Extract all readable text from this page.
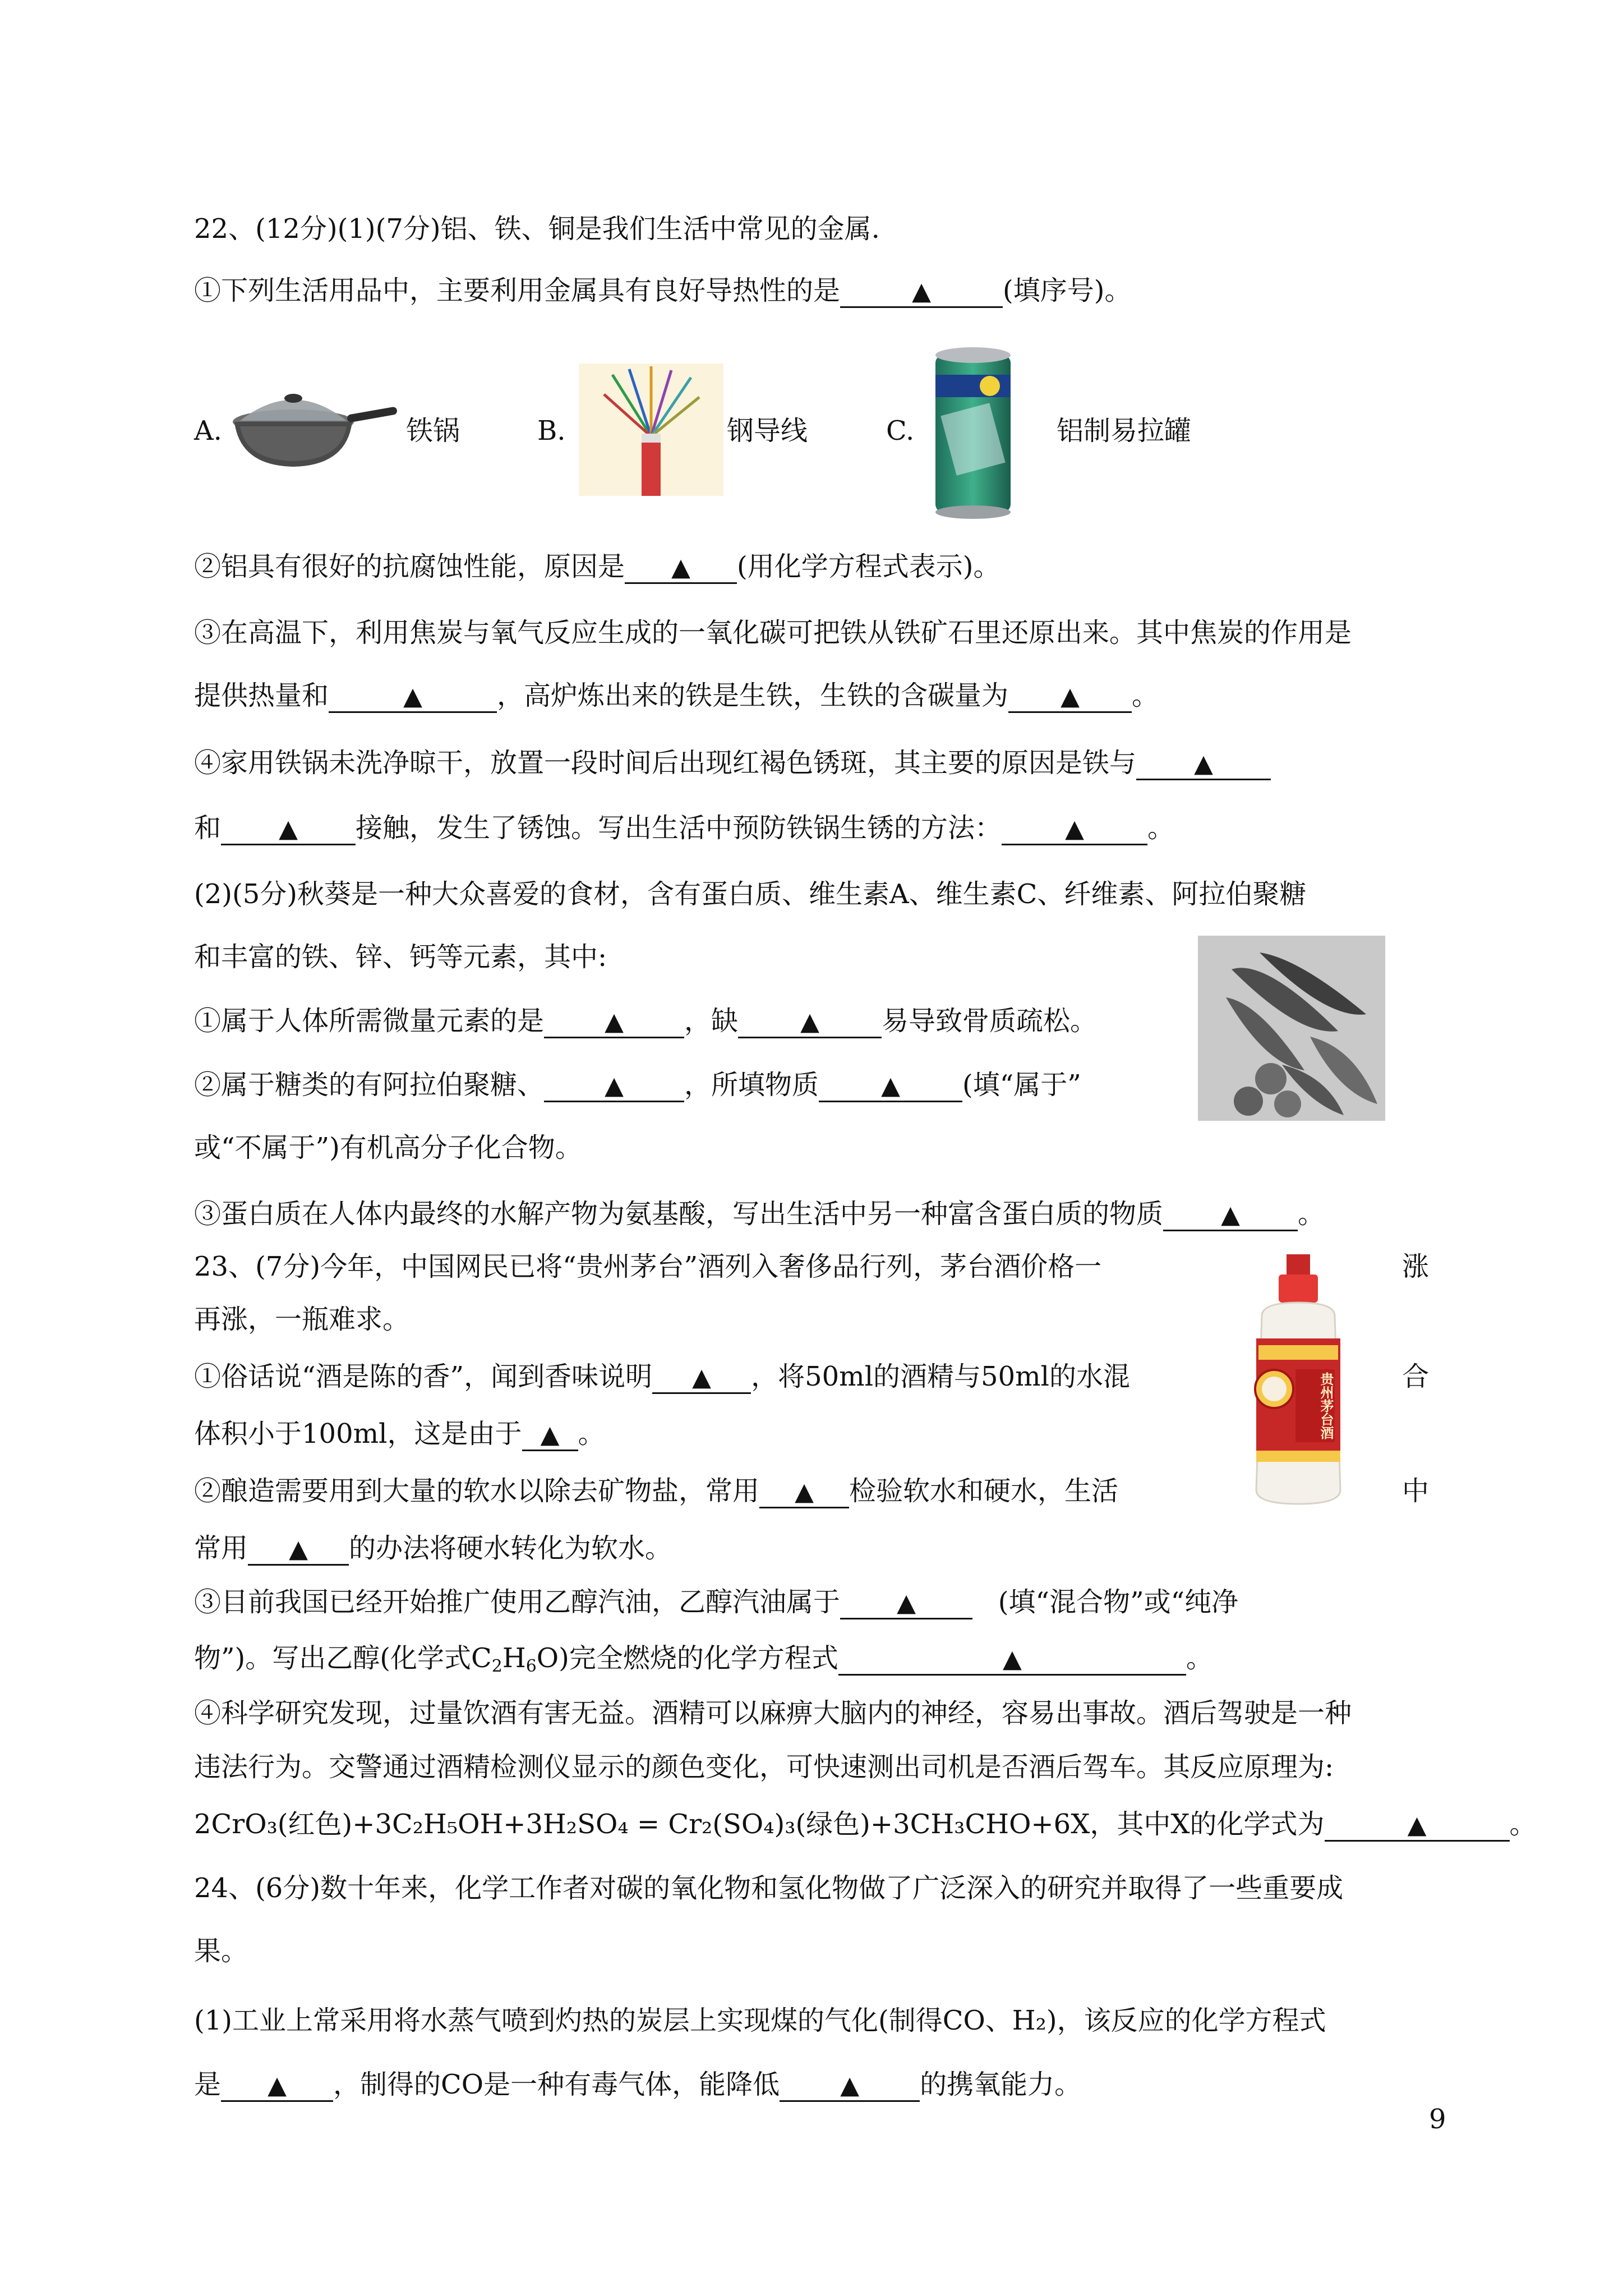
22、(12分)(1)(7分)铝、铁、铜是我们生活中常见的金属.
①下列生活用品中，主要利用金属具有良好导热性的是	▲	(填序号)。
A.	铁锅	B.	钢导线	C.	铝制易拉罐
②铝具有很好的抗腐蚀性能，原因是 ▲ (用化学方程式表示)。
③在高温下，利用焦炭与氧气反应生成的一氧化碳可把铁从铁矿石里还原出来。其中焦炭的作用是
提供热量和	▲	，高炉炼出来的铁是生铁，生铁的含碳量为 ▲ 。
④家用铁锅未洗净晾干，放置一段时间后出现红褐色锈斑，其主要的原因是铁与 ▲
和 ▲ 接触，发生了锈蚀。写出生活中预防铁锅生锈的方法：	▲ 。
(2)(5分)秋葵是一种大众喜爱的食材，含有蛋白质、维生素A、维生素C、纤维素、阿拉伯聚糖
和丰富的铁、锌、钙等元素，其中:
①属于人体所需微量元素的是 ▲ ，缺	▲ 易导致骨质疏松。
②属于糖类的有阿拉伯聚糖、 ▲ ，所填物质	▲ (填“属于”
或“不属于”)有机高分子化合物。
③蛋白质在人体内最终的水解产物为氨基酸，写出生活中另一种富含蛋白质的物质 ▲ 。
23、(7分)今年，中国网民已将“贵州茅台”酒列入奢侈品行列，茅台酒价格一	涨
再涨，一瓶难求。
贵州茅台酒
①俗话说“酒是陈的香”，闻到香味说明 ▲ ，将50ml的酒精与50ml的水混	合
体积小于100ml，这是由于 ▲ 。
②酿造需要用到大量的软水以除去矿物盐，常用 ▲ 检验软水和硬水，生活	中
常用 ▲ 的办法将硬水转化为软水。
③目前我国已经开始推广使用乙醇汽油，乙醇汽油属于 ▲	(填“混合物”或“纯净
物”)。写出乙醇(化学式$C_2H_6O$)完全燃烧的化学方程式	▲	。
④科学研究发现，过量饮酒有害无益。酒精可以麻痹大脑内的神经，容易出事故。酒后驾驶是一种
违法行为。交警通过酒精检测仪显示的颜色变化，可快速测出司机是否酒后驾车。其反应原理为:
2CrO₃(红色)+3C₂H₅OH+3H₂SO₄ = Cr₂(SO₄)₃(绿色)+3CH₃CHO+6X，其中X的化学式为	▲	。
24、(6分)数十年来，化学工作者对碳的氧化物和氢化物做了广泛深入的研究并取得了一些重要成
果。
(1)工业上常采用将水蒸气喷到灼热的炭层上实现煤的气化(制得CO、H₂)，该反应的化学方程式
是 ▲ ，制得的CO是一种有毒气体，能降低 ▲ 的携氧能力。
9
